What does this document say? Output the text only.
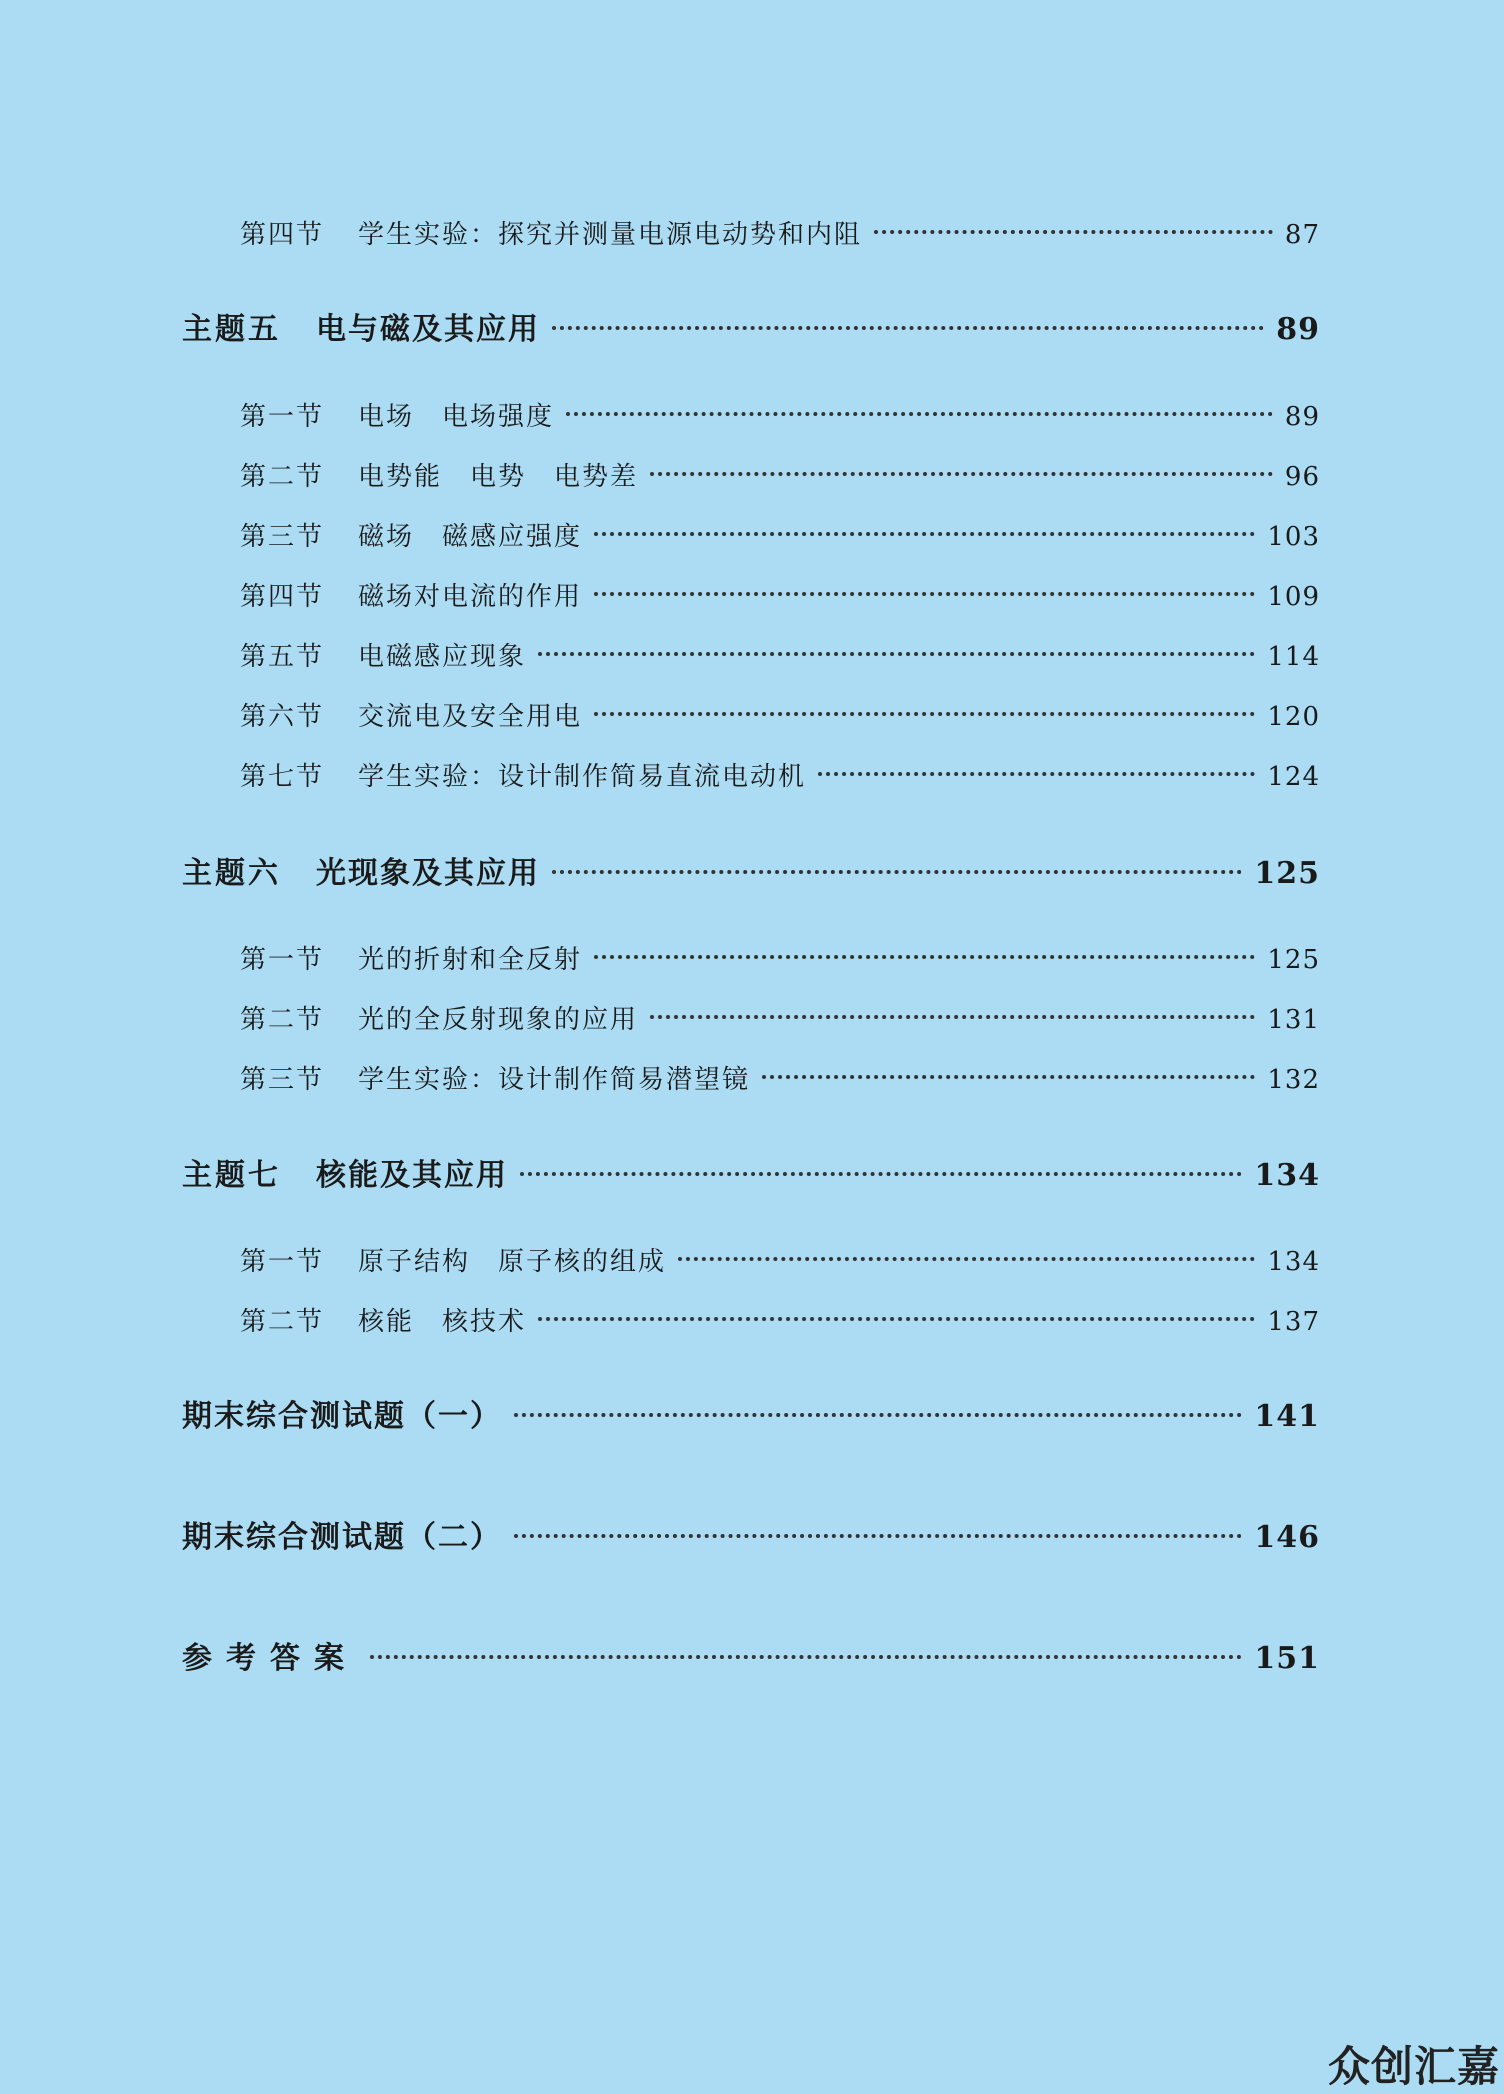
第四节	学生实验：探究并测量电源电动势和内阻	87
主题五	电与磁及其应用	89
第一节	电场　电场强度	89
第二节	电势能　电势　电势差	96
第三节	磁场　磁感应强度	103
第四节	磁场对电流的作用	109
第五节	电磁感应现象	114
第六节	交流电及安全用电	120
第七节	学生实验：设计制作简易直流电动机	124
主题六	光现象及其应用	125
第一节	光的折射和全反射	125
第二节	光的全反射现象的应用	131
第三节	学生实验：设计制作简易潜望镜	132
主题七	核能及其应用	134
第一节	原子结构　原子核的组成	134
第二节	核能　核技术	137
期末综合测试题（一）	141
期末综合测试题（二）	146
参考答案	151
众创汇嘉
